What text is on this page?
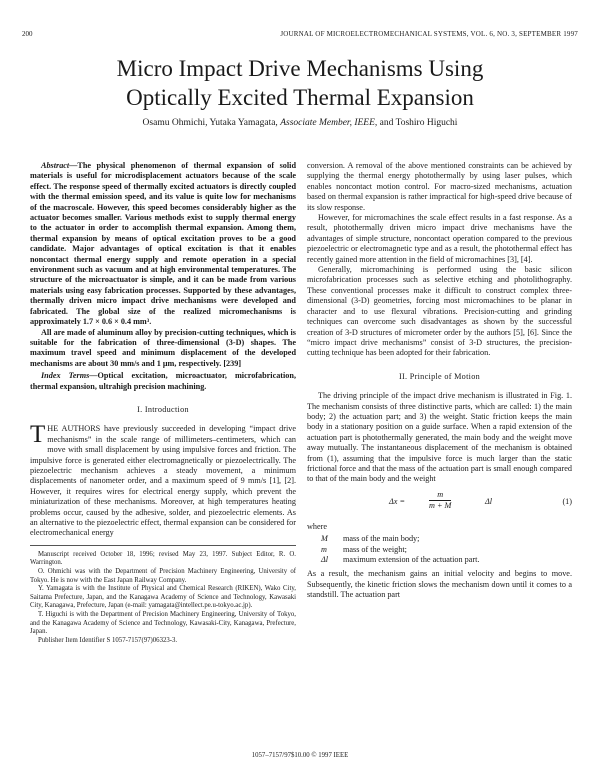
200	JOURNAL OF MICROELECTROMECHANICAL SYSTEMS, VOL. 6, NO. 3, SEPTEMBER 1997
Micro Impact Drive Mechanisms Using
Optically Excited Thermal Expansion
Osamu Ohmichi, Yutaka Yamagata, Associate Member, IEEE, and Toshiro Higuchi

Abstract—The physical phenomenon of thermal expansion of solid materials is useful for microdisplacement actuators because of the scale effect. The response speed of thermally excited actuators is directly coupled with the thermal emission speed, and its value is quite low for mechanisms of the macroscale. However, this speed becomes considerably higher as the actuator becomes smaller. Various methods exist to supply thermal energy to the actuator in order to accomplish thermal expansion. Among them, thermal expansion by means of optical excitation proves to be a good candidate. Major advantages of optical excitation is that it enables noncontact thermal energy supply and remote operation in a special environment such as vacuum and at high environmental temperatures. The structure of the microactuator is simple, and it can be made from various materials using easy fabrication processes. Supported by these advantages, thermally driven micro impact drive mechanisms were developed and fabricated. The global size of the realized micromechanisms is approximately 1.7 × 0.6 × 0.4 mm³.

All are made of aluminum alloy by precision-cutting techniques, which is suitable for the fabrication of three-dimensional (3-D) shapes. The maximum travel speed and minimum displacement of the developed mechanisms are about 30 mm/s and 1 μm, respectively. [239]

Index Terms—Optical excitation, microactuator, microfabrication, thermal expansion, ultrahigh precision machining.

I. Introduction

THE AUTHORS have previously succeeded in developing “impact drive mechanisms” in the scale range of millimeters–centimeters, which can move with small displacement by using impulsive forces and friction. The impulsive force is generated either electromagnetically or piezoelectrically. The piezoelectric mechanism achieves a steady movement, a minimum displacements of nanometer order, and a maximum speed of 9 mm/s [1], [2]. However, it requires wires for electrical energy supply, which prevent the miniaturization of these mechanisms. Moreover, at high temperatures heating problems occur, caused by the adhesive, solder, and piezoelectric elements. As an alternative to the piezoelectric effect, thermal expansion can be considered for electromechanical energy

Manuscript received October 18, 1996; revised May 23, 1997. Subject Editor, R. O. Warrington.

O. Ohmichi was with the Department of Precision Machinery Engineering, University of Tokyo. He is now with the East Japan Railway Company.

Y. Yamagata is with the Institute of Physical and Chemical Research (RIKEN), Wako City, Saitama Prefecture, Japan, and the Kanagawa Academy of Science and Technology, Kawasaki City, Kanagawa, Prefecture, Japan (e-mail: yamagata@intellect.pe.u-tokyo.ac.jp).

T. Higuchi is with the Department of Precision Machinery Engineering, University of Tokyo, and the Kanagawa Academy of Science and Technology, Kawasaki-City, Kanagawa, Prefecture, Japan.

Publisher Item Identifier S 1057-7157(97)06323-3.

conversion. A removal of the above mentioned constraints can be achieved by supplying the thermal energy photothermally by using laser pulses, which enables noncontact motion control. For macro-sized mechanisms, actuation based on thermal expansion is rather impractical for high-speed drive because of its slow response.

However, for micromachines the scale effect results in a fast response. As a result, photothermally driven micro impact drive mechanisms have the advantages of simple structure, noncontact operation compared to the previous piezoelectric or electromagnetic type and as a result, the photothermal effect has recently gained more attention in the field of micromachines [3], [4].

Generally, micromachining is performed using the basic silicon microfabrication processes such as selective etching and photolithography. These conventional processes make it difficult to construct complex three-dimensional (3-D) geometries, forcing most micromachines to be planar in character and to use flexural vibrations. Precision-cutting and grinding techniques can overcome such disadvantages as shown by the successful creation of 3-D structures of micrometer order by the authors [5], [6]. Since the “micro impact drive mechanisms” consist of 3-D structures, the precision-cutting technique has been adopted for their fabrication.

II. Principle of Motion

The driving principle of the impact drive mechanism is illustrated in Fig. 1. The mechanism consists of three distinctive parts, which are called: 1) the main body; 2) the actuation part; and 3) the weight. Static friction keeps the main body in a stationary position on a guide surface. When a rapid extension of the actuation part is photothermally generated, the main body and the weight move away mutually. The instantaneous displacement of the mechanism is obtained from (1), assuming that the impulsive force is much larger than the static frictional force and that the mass of the actuation part is small enough compared to that of the main body and the weight

Δx =	$\frac{m}{m + M}$	Δl	(1)

where

M	mass of the main body;
m	mass of the weight;
Δl	maximum extension of the actuation part.

As a result, the mechanism gains an initial velocity and begins to move. Subsequently, the kinetic friction slows the mechanism down until it comes to a standstill. The actuation part

1057–7157/97$10.00 © 1997 IEEE
